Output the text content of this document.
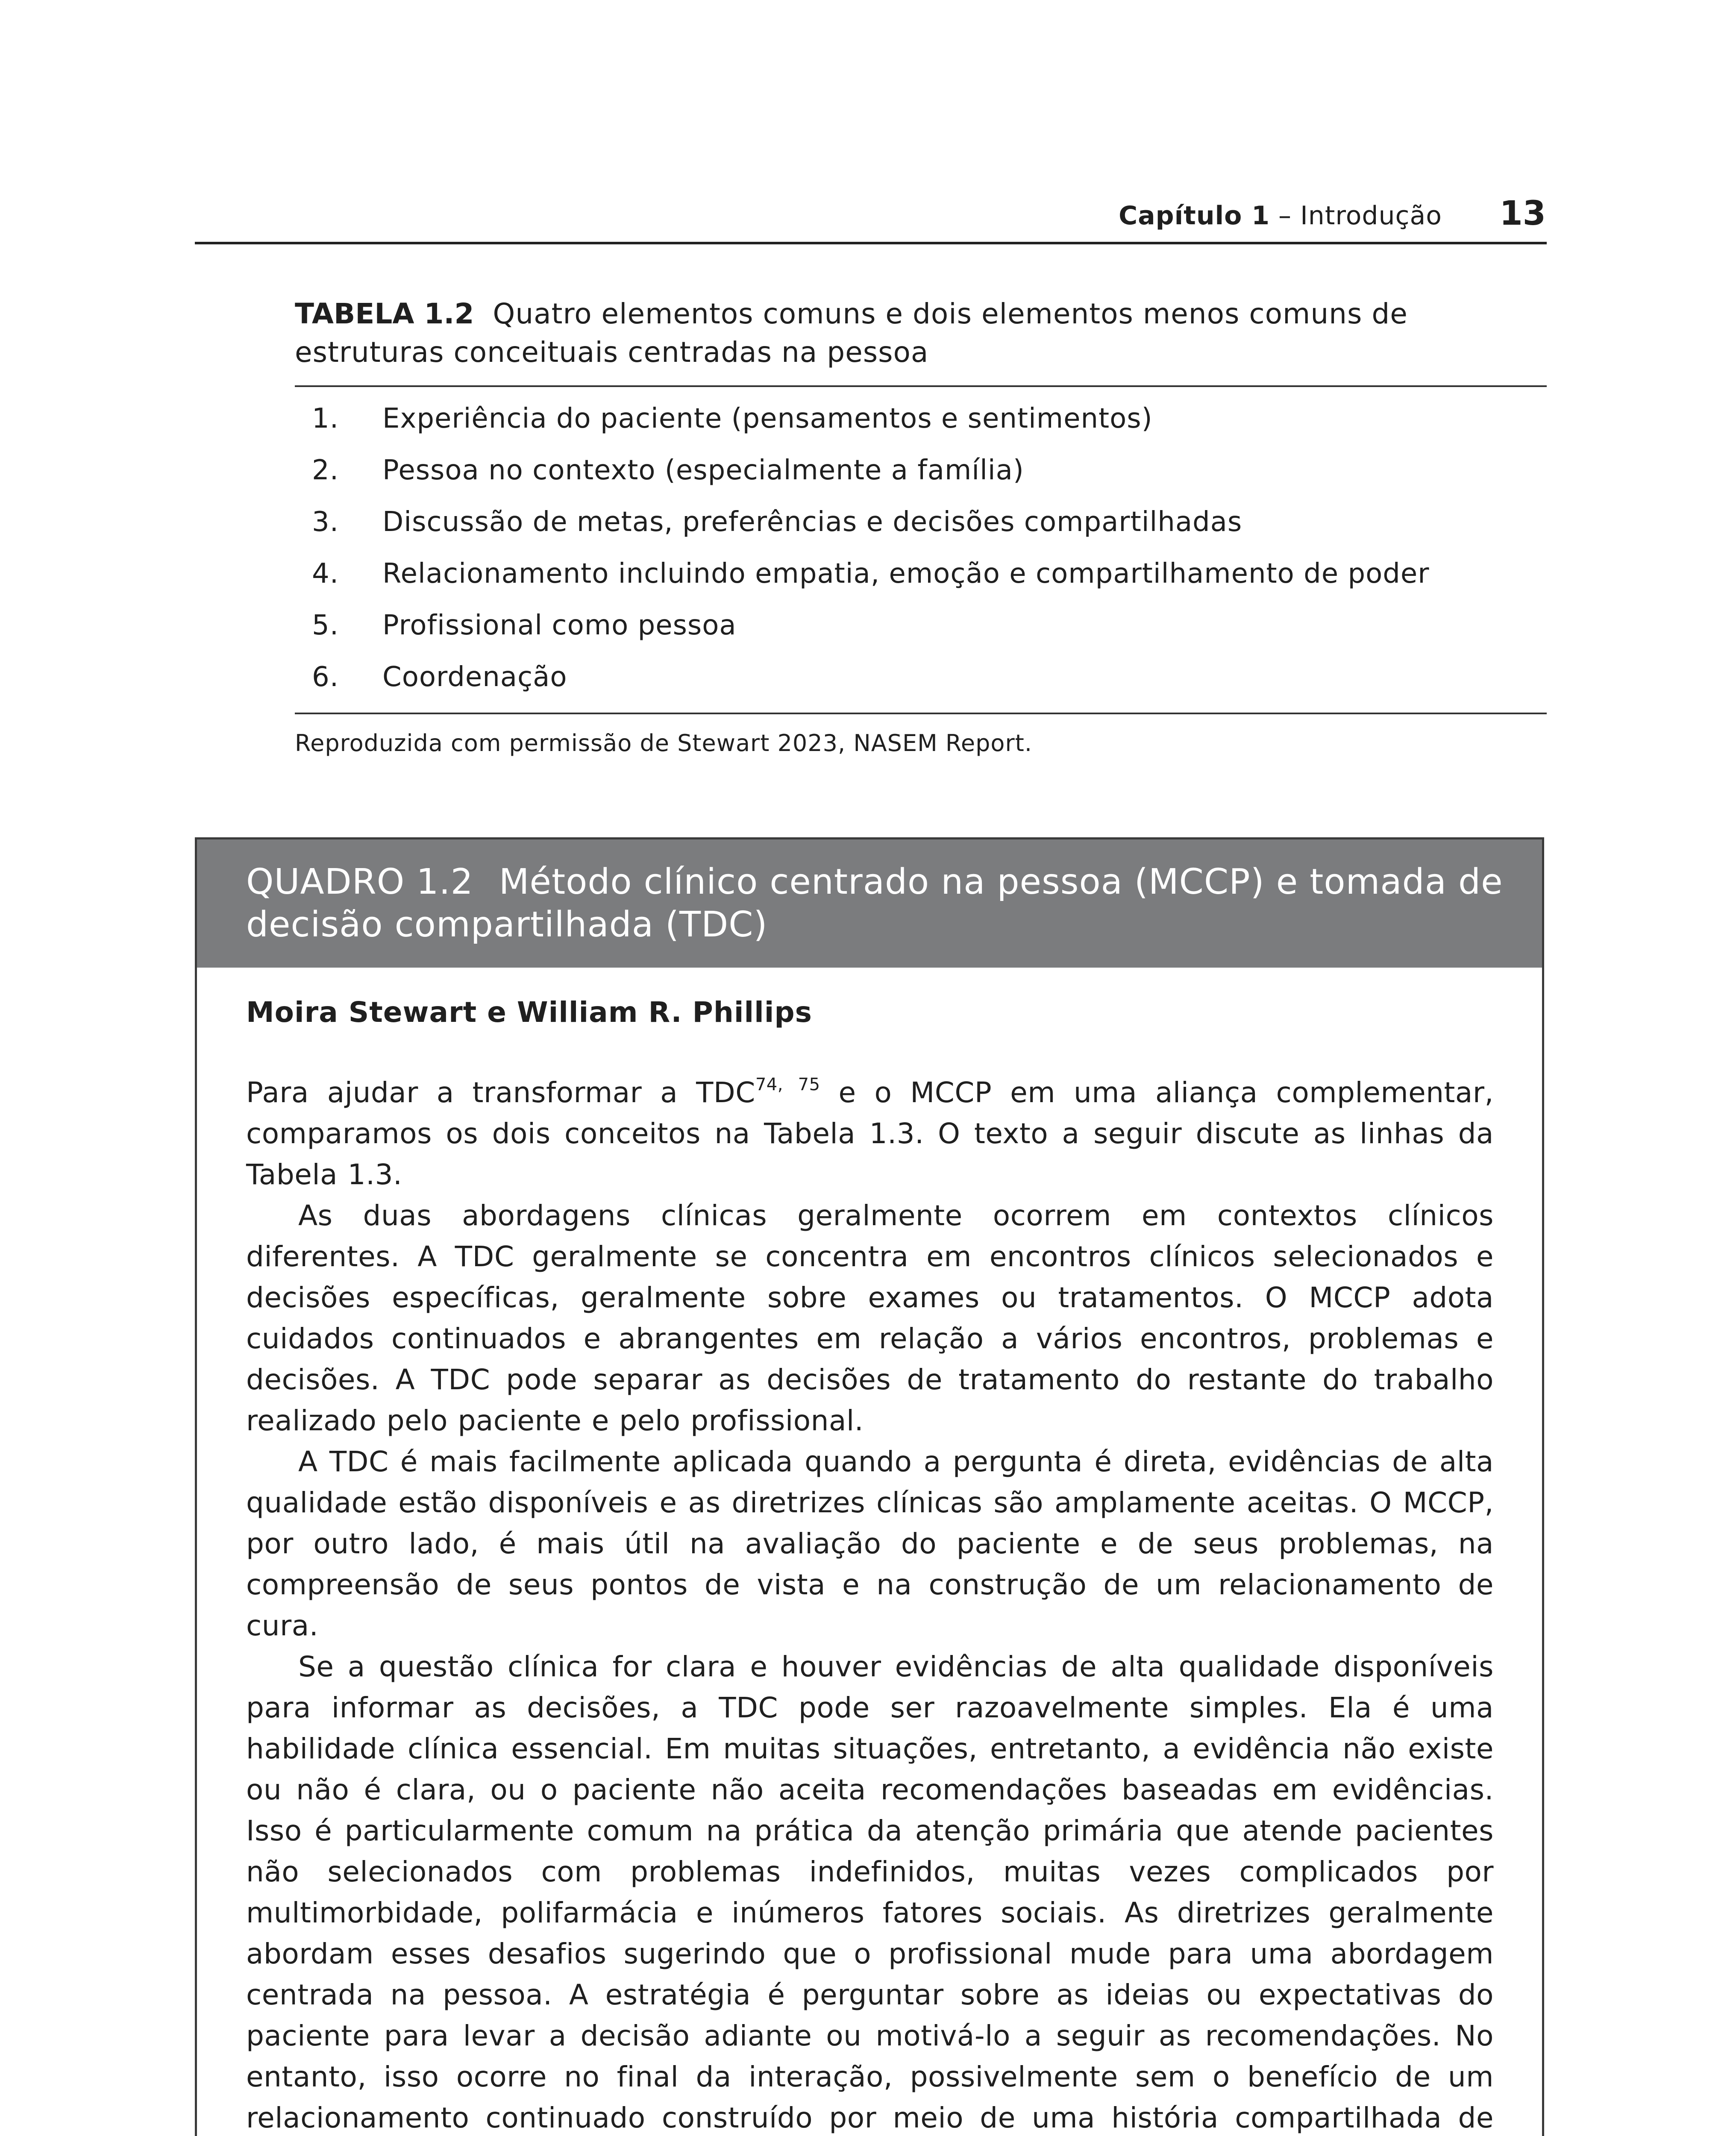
Capítulo 1 – Introdução 13
TABELA 1.2 Quatro elementos comuns e dois elementos menos comuns de estruturas conceituais centradas na pessoa
1.	Experiência do paciente (pensamentos e sentimentos)
2.	Pessoa no contexto (especialmente a família)
3.	Discussão de metas, preferências e decisões compartilhadas
4.	Relacionamento incluindo empatia, emoção e compartilhamento de poder
5.	Profissional como pessoa
6.	Coordenação
Reproduzida com permissão de Stewart 2023, NASEM Report.
QUADRO 1.2 Método clínico centrado na pessoa (MCCP) e tomada de decisão compartilhada (TDC)
Moira Stewart e William R. Phillips

Para ajudar a transformar a TDC$^{74, 75}$ e o MCCP em uma aliança complementar, comparamos os dois conceitos na Tabela 1.3. O texto a seguir discute as linhas da Tabela 1.3.

As duas abordagens clínicas geralmente ocorrem em contextos clínicos diferentes. A TDC geralmente se concentra em encontros clínicos selecionados e decisões específicas, geralmente sobre exames ou tratamentos. O MCCP adota cuidados continuados e abrangentes em relação a vários encontros, problemas e decisões. A TDC pode separar as decisões de tratamento do restante do trabalho realizado pelo paciente e pelo profissional.

A TDC é mais facilmente aplicada quando a pergunta é direta, evidências de alta qualidade estão disponíveis e as diretrizes clínicas são amplamente aceitas. O MCCP, por outro lado, é mais útil na avaliação do paciente e de seus problemas, na compreensão de seus pontos de vista e na construção de um relacionamento de cura.

Se a questão clínica for clara e houver evidências de alta qualidade disponíveis para informar as decisões, a TDC pode ser razoavelmente simples. Ela é uma habilidade clínica essencial. Em muitas situações, entretanto, a evidência não existe ou não é clara, ou o paciente não aceita recomendações baseadas em evidências. Isso é particularmente comum na prática da atenção primária que atende pacientes não selecionados com problemas indefinidos, muitas vezes complicados por multimorbidade, polifarmácia e inúmeros fatores sociais. As diretrizes geralmente abordam esses desafios sugerindo que o profissional mude para uma abordagem centrada na pessoa. A estratégia é perguntar sobre as ideias ou expectativas do paciente para levar a decisão adiante ou motivá-lo a seguir as recomendações. No entanto, isso ocorre no final da interação, possivelmente sem o benefício de um relacionamento continuado construído por meio de uma história compartilhada de
